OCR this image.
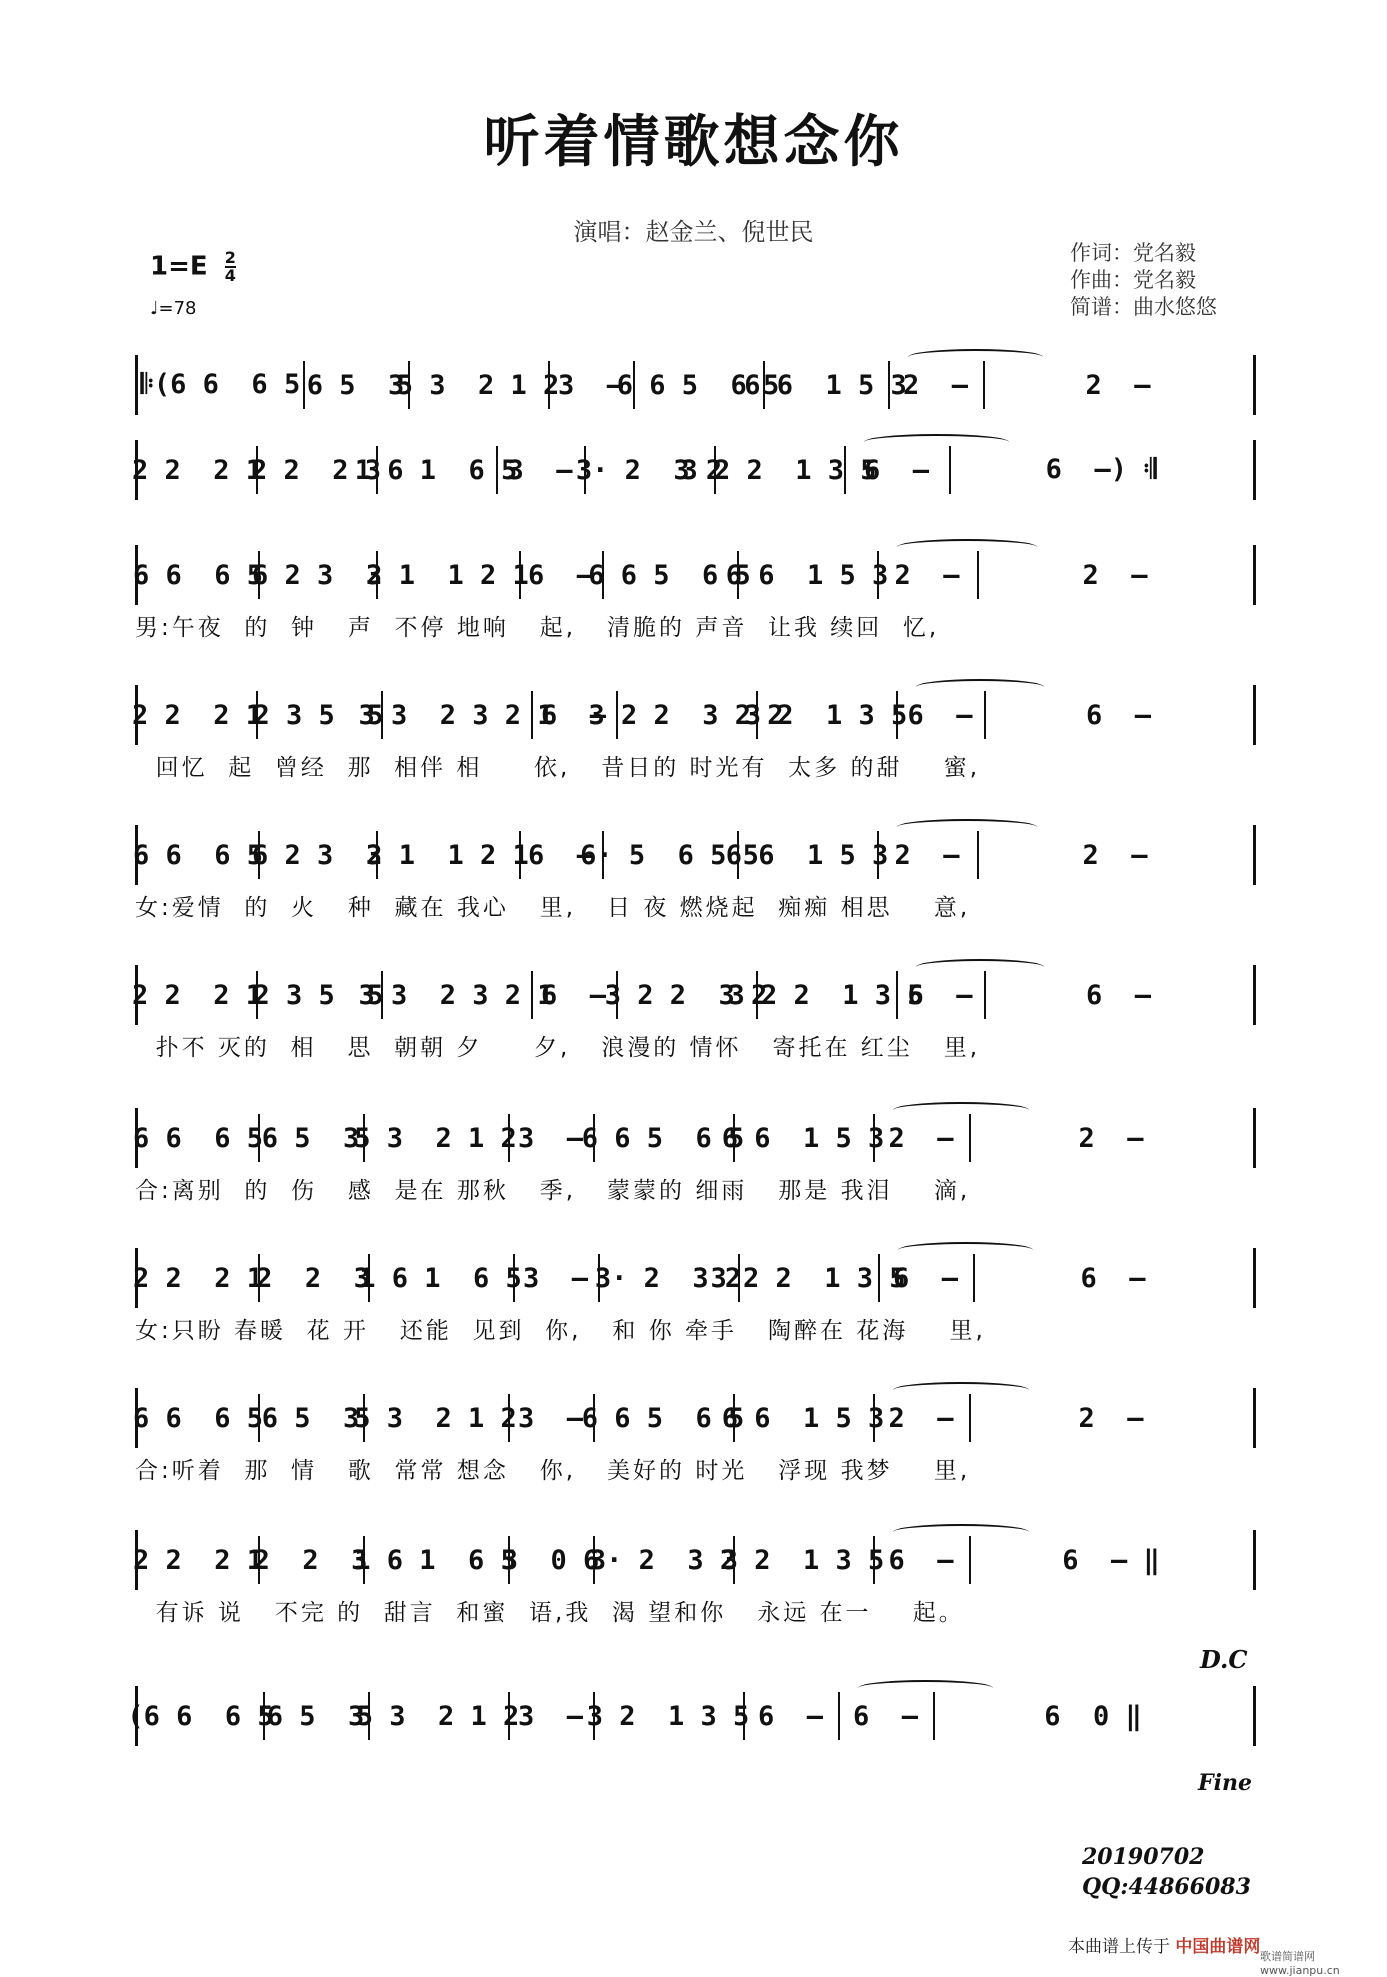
听着情歌想念你
演唱：赵金兰、倪世民
$1=E \frac{2}{4}$
♩=78
作词：党名毅
作曲：党名毅
简谱：曲水悠悠
𝄆(6 6  6 5 6 5  3
5 3  2 1 2
3  –
6 6 5  6 5
6 6  1 5 3
2  –	2  –
2 2  2 1
2 2  2 3
1 6 1  6 5
3  – 3· 2  3 2
3 2 2  1 3 5
6  –	6  –) 𝄇
6 6  6 5
6 2 3  3
2 1  1 2 1 6  –
6 6 5  6 5
6 6  1 5 3 2  –	2  –
男:午夜  的  钟   声  不停 地响   起,   清脆的 声音  让我 续回  忆,
2 2  2 1
2 3 5  5
3 3  2 3 2 1
6  –
3 2 2  3 2 2
3 2  1 3 5 6  –	6  –
回忆  起  曾经  那  相伴 相     依,   昔日的 时光有  太多 的甜    蜜,
6 6  6 5
6 2 3  3
2 1  1 2 1 6  –
6· 5  6 5 5
6 6  1 5 3 2  –	2  –
女:爱情  的  火   种  藏在 我心   里,   日 夜 燃烧起  痴痴 相思    意,
2 2  2 1
2 3 5  5
3 3  2 3 2 1
6  –
3 2 2  3 2
3 2 2  1 3 5
6  –	6  –
扑不 灭的  相   思  朝朝 夕     夕,   浪漫的 情怀   寄托在 红尘   里,
6 6  6 5
6 5  3
5 3  2 1 2 3  –
6 6 5  6 5
6 6  1 5 3 2  –	2  –
合:离别  的  伤   感  是在 那秋   季,   蒙蒙的 细雨   那是 我泪    滴,
2 2  2 1
2  2  3
1 6 1  6 5 3  – 3· 2  3 2
3 2 2  1 3 5
6  –	6  –
女:只盼 春暖  花 开   还能  见到  你,   和 你 牵手   陶醉在 花海    里,
6 6  6 5
6 5  3
5 3  2 1 2 3  –
6 6 5  6 5
6 6  1 5 3 2  –	2  –
合:听着  那  情   歌  常常 想念   你,   美好的 时光   浮现 我梦    里,
2 2  2 1
2  2  3
1 6 1  6 5
3  0 6
3· 2  3 2
3 2  1 3 5 6  –	6  – ‖
有诉 说   不完 的  甜言  和蜜  语,我  渴 望和你   永远 在一    起。
(6 6  6 5
6 5  3
5 3  2 1 2
3  – 3 2  1 3 5 6  –	6  –	6  0 ‖
D.C
Fine
20190702
QQ:44866083
本曲谱上传于 中国曲谱网 歌谱简谱网 www.jianpu.cn
